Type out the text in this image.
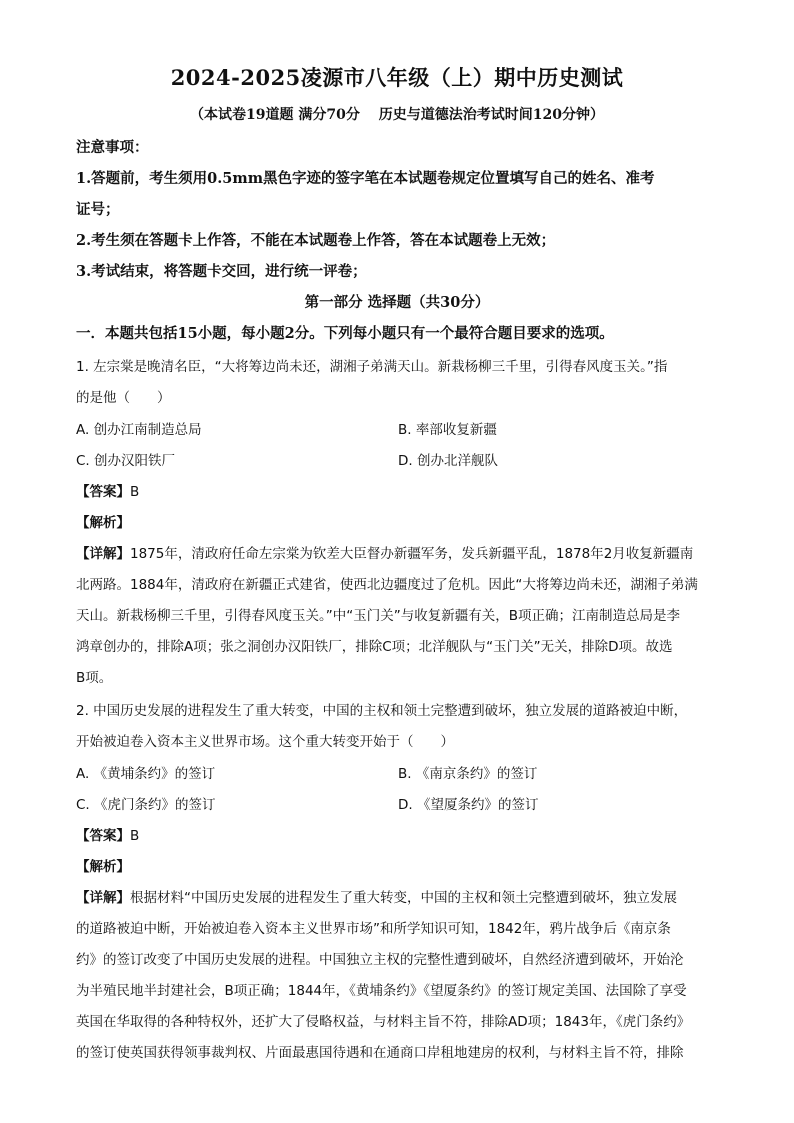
2024-2025凌源市八年级（上）期中历史测试
（本试卷19道题 满分70分　 历史与道德法治考试时间120分钟）
注意事项：
1.答题前，考生须用0.5mm黑色字迹的签字笔在本试题卷规定位置填写自己的姓名、准考
证号；
2.考生须在答题卡上作答，不能在本试题卷上作答，答在本试题卷上无效；
3.考试结束，将答题卡交回，进行统一评卷；
第一部分 选择题（共30分）
一．本题共包括15小题，每小题2分。下列每小题只有一个最符合题目要求的选项。
1. 左宗棠是晚清名臣，“大将筹边尚未还，湖湘子弟满天山。新栽杨柳三千里，引得春风度玉关。”指
的是他（　　）
A. 创办江南制造总局	B. 率部收复新疆
C. 创办汉阳铁厂	D. 创办北洋舰队
【答案】B
【解析】
【详解】1875年，清政府任命左宗棠为钦差大臣督办新疆军务，发兵新疆平乱，1878年2月收复新疆南
北两路。1884年，清政府在新疆正式建省，使西北边疆度过了危机。因此“大将筹边尚未还，湖湘子弟满
天山。新栽杨柳三千里，引得春风度玉关。”中“玉门关”与收复新疆有关，B项正确；江南制造总局是李
鸿章创办的，排除A项；张之洞创办汉阳铁厂，排除C项；北洋舰队与“玉门关”无关，排除D项。故选
B项。
2. 中国历史发展的进程发生了重大转变，中国的主权和领土完整遭到破坏，独立发展的道路被迫中断，
开始被迫卷入资本主义世界市场。这个重大转变开始于（　　）
A. 《黄埔条约》的签订	B. 《南京条约》的签订
C. 《虎门条约》的签订	D. 《望厦条约》的签订
【答案】B
【解析】
【详解】根据材料“中国历史发展的进程发生了重大转变，中国的主权和领土完整遭到破坏，独立发展
的道路被迫中断，开始被迫卷入资本主义世界市场”和所学知识可知，1842年，鸦片战争后《南京条
约》的签订改变了中国历史发展的进程。中国独立主权的完整性遭到破坏，自然经济遭到破坏，开始沦
为半殖民地半封建社会，B项正确；1844年，《黄埔条约》《望厦条约》的签订规定美国、法国除了享受
英国在华取得的各种特权外，还扩大了侵略权益，与材料主旨不符，排除AD项；1843年，《虎门条约》
的签订使英国获得领事裁判权、片面最惠国待遇和在通商口岸租地建房的权利，与材料主旨不符，排除
